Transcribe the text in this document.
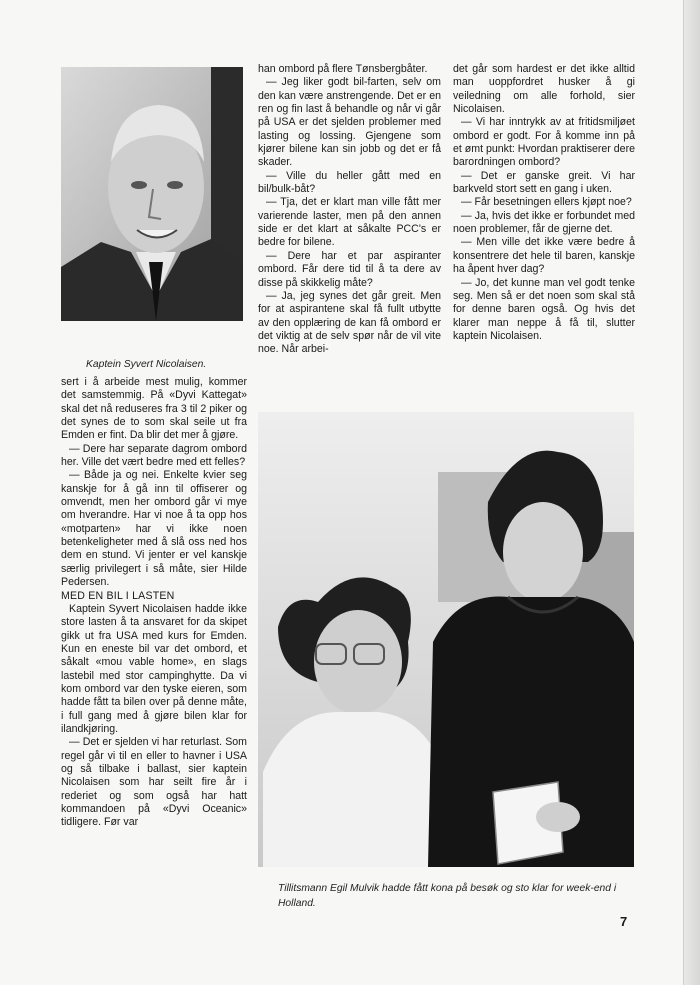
Kaptein Syvert Nicolaisen.

sert i å arbeide mest mulig, kommer det samstemmig. På «Dyvi Kattegat» skal det nå reduseres fra 3 til 2 piker og det synes de to som skal seile ut fra Emden er fint. Da blir det mer å gjøre.

— Dere har separate dagrom ombord her. Ville det vært bedre med ett felles?

— Både ja og nei. Enkelte kvier seg kanskje for å gå inn til offiserer og omvendt, men her ombord går vi mye om hverandre. Har vi noe å ta opp hos «motparten» har vi ikke noen betenkeligheter med å slå oss ned hos dem en stund. Vi jenter er vel kanskje særlig privilegert i så måte, sier Hilde Pedersen.

MED EN BIL I LASTEN

Kaptein Syvert Nicolaisen hadde ikke store lasten å ta ansvaret for da skipet gikk ut fra USA med kurs for Emden. Kun en eneste bil var det ombord, et såkalt «mou vable home», en slags lastebil med stor campinghytte. Da vi kom ombord var den tyske eieren, som hadde fått ta bilen over på denne måte, i full gang med å gjøre bilen klar for ilandkjøring.

— Det er sjelden vi har returlast. Som regel går vi til en eller to havner i USA og så tilbake i ballast, sier kaptein Nicolaisen som har seilt fire år i rederiet og som også har hatt kommandoen på «Dyvi Oceanic» tidligere. Før var

han ombord på flere Tønsbergbåter.

— Jeg liker godt bil-farten, selv om den kan være anstrengende. Det er en ren og fin last å behandle og når vi går på USA er det sjelden problemer med lasting og lossing. Gjengene som kjører bilene kan sin jobb og det er få skader.

— Ville du heller gått med en bil/bulk-båt?

— Tja, det er klart man ville fått mer varierende laster, men på den annen side er det klart at såkalte PCC's er bedre for bilene.

— Dere har et par aspiranter ombord. Får dere tid til å ta dere av disse på skikkelig måte?

— Ja, jeg synes det går greit. Men for at aspirantene skal få fullt utbytte av den opplæring de kan få ombord er det viktig at de selv spør når de vil vite noe. Når arbei-

det går som hardest er det ikke alltid man uoppfordret husker å gi veiledning om alle forhold, sier Nicolaisen.

— Vi har inntrykk av at fritidsmiljøet ombord er godt. For å komme inn på et ømt punkt: Hvordan praktiserer dere barordningen ombord?

— Det er ganske greit. Vi har barkveld stort sett en gang i uken.

— Får besetningen ellers kjøpt noe?

— Ja, hvis det ikke er forbundet med noen problemer, får de gjerne det.

— Men ville det ikke være bedre å konsentrere det hele til baren, kanskje ha åpent hver dag?

— Jo, det kunne man vel godt tenke seg. Men så er det noen som skal stå for denne baren også. Og hvis det klarer man neppe å få til, slutter kaptein Nicolaisen.

Tillitsmann Egil Mulvik hadde fått kona på besøk og sto klar for week-end i Holland.
7
